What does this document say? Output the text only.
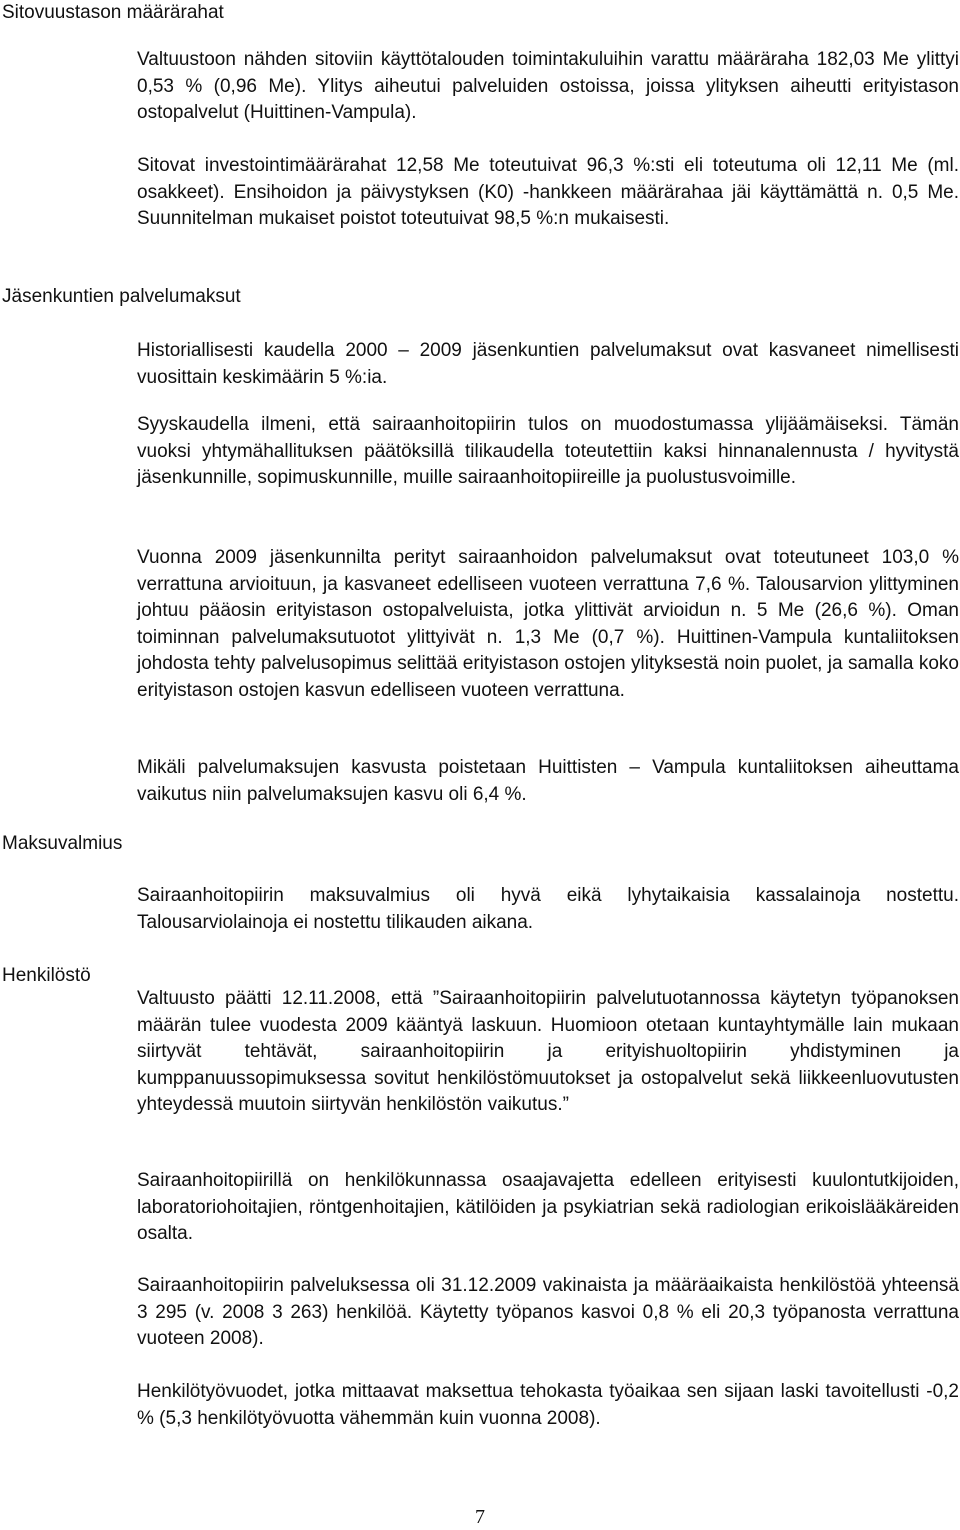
Sitovuustason määrärahat

Valtuustoon nähden sitoviin käyttötalouden toimintakuluihin varattu määräraha 182,03 Me ylittyi 0,53 % (0,96 Me). Ylitys aiheutui palveluiden ostoissa, joissa ylityksen aiheutti erityistason ostopalvelut (Huittinen-Vampula).

Sitovat investointimäärärahat 12,58 Me toteutuivat 96,3 %:sti eli toteutuma oli 12,11 Me (ml. osakkeet). Ensihoidon ja päivystyksen (K0) -hankkeen määrärahaa jäi käyttämättä n. 0,5 Me. Suunnitelman mukaiset poistot toteutuivat 98,5 %:n mukaisesti.

Jäsenkuntien palvelumaksut

Historiallisesti kaudella 2000 – 2009 jäsenkuntien palvelumaksut ovat kasvaneet nimellisesti vuosittain keskimäärin 5 %:ia.

Syyskaudella ilmeni, että sairaanhoitopiirin tulos on muodostumassa ylijäämäiseksi. Tämän vuoksi yhtymähallituksen päätöksillä tilikaudella toteutettiin kaksi hinnanalennusta / hyvitystä jäsenkunnille, sopimuskunnille, muille sairaanhoitopiireille ja puolustusvoimille.

Vuonna 2009 jäsenkunnilta perityt sairaanhoidon palvelumaksut ovat toteutuneet 103,0 % verrattuna arvioituun, ja kasvaneet edelliseen vuoteen verrattuna 7,6 %. Talousarvion ylittyminen johtuu pääosin erityistason ostopalveluista, jotka ylittivät arvioidun n. 5 Me (26,6 %). Oman toiminnan palvelumaksutuotot ylittyivät n. 1,3 Me (0,7 %). Huittinen-Vampula kuntaliitoksen johdosta tehty palvelusopimus selittää erityistason ostojen ylityksestä noin puolet, ja samalla koko erityistason ostojen kasvun edelliseen vuoteen verrattuna.

Mikäli palvelumaksujen kasvusta poistetaan Huittisten – Vampula kuntaliitoksen aiheuttama vaikutus niin palvelumaksujen kasvu oli 6,4 %.

Maksuvalmius

Sairaanhoitopiirin maksuvalmius oli hyvä eikä lyhytaikaisia kassalainoja nostettu. Talousarviolainoja ei nostettu tilikauden aikana.

Henkilöstö

Valtuusto päätti 12.11.2008, että ”Sairaanhoitopiirin palvelutuotannossa käytetyn työpanoksen määrän tulee vuodesta 2009 kääntyä laskuun. Huomioon otetaan kuntayhtymälle lain mukaan siirtyvät tehtävät, sairaanhoitopiirin ja erityishuoltopiirin yhdistyminen ja kumppanuussopimuksessa sovitut henkilöstömuutokset ja ostopalvelut sekä liikkeenluovutusten yhteydessä muutoin siirtyvän henkilöstön vaikutus.”

Sairaanhoitopiirillä on henkilökunnassa osaajavajetta edelleen erityisesti kuulontutkijoiden, laboratoriohoitajien, röntgenhoitajien, kätilöiden ja psykiatrian sekä radiologian erikoislääkäreiden osalta.

Sairaanhoitopiirin palveluksessa oli 31.12.2009 vakinaista ja määräaikaista henkilöstöä yhteensä 3 295 (v. 2008 3 263) henkilöä. Käytetty työpanos kasvoi 0,8 % eli 20,3 työpanosta verrattuna vuoteen 2008).

Henkilötyövuodet, jotka mittaavat maksettua tehokasta työaikaa sen sijaan laski tavoitellusti -0,2 % (5,3 henkilötyövuotta vähemmän kuin vuonna 2008).

7
